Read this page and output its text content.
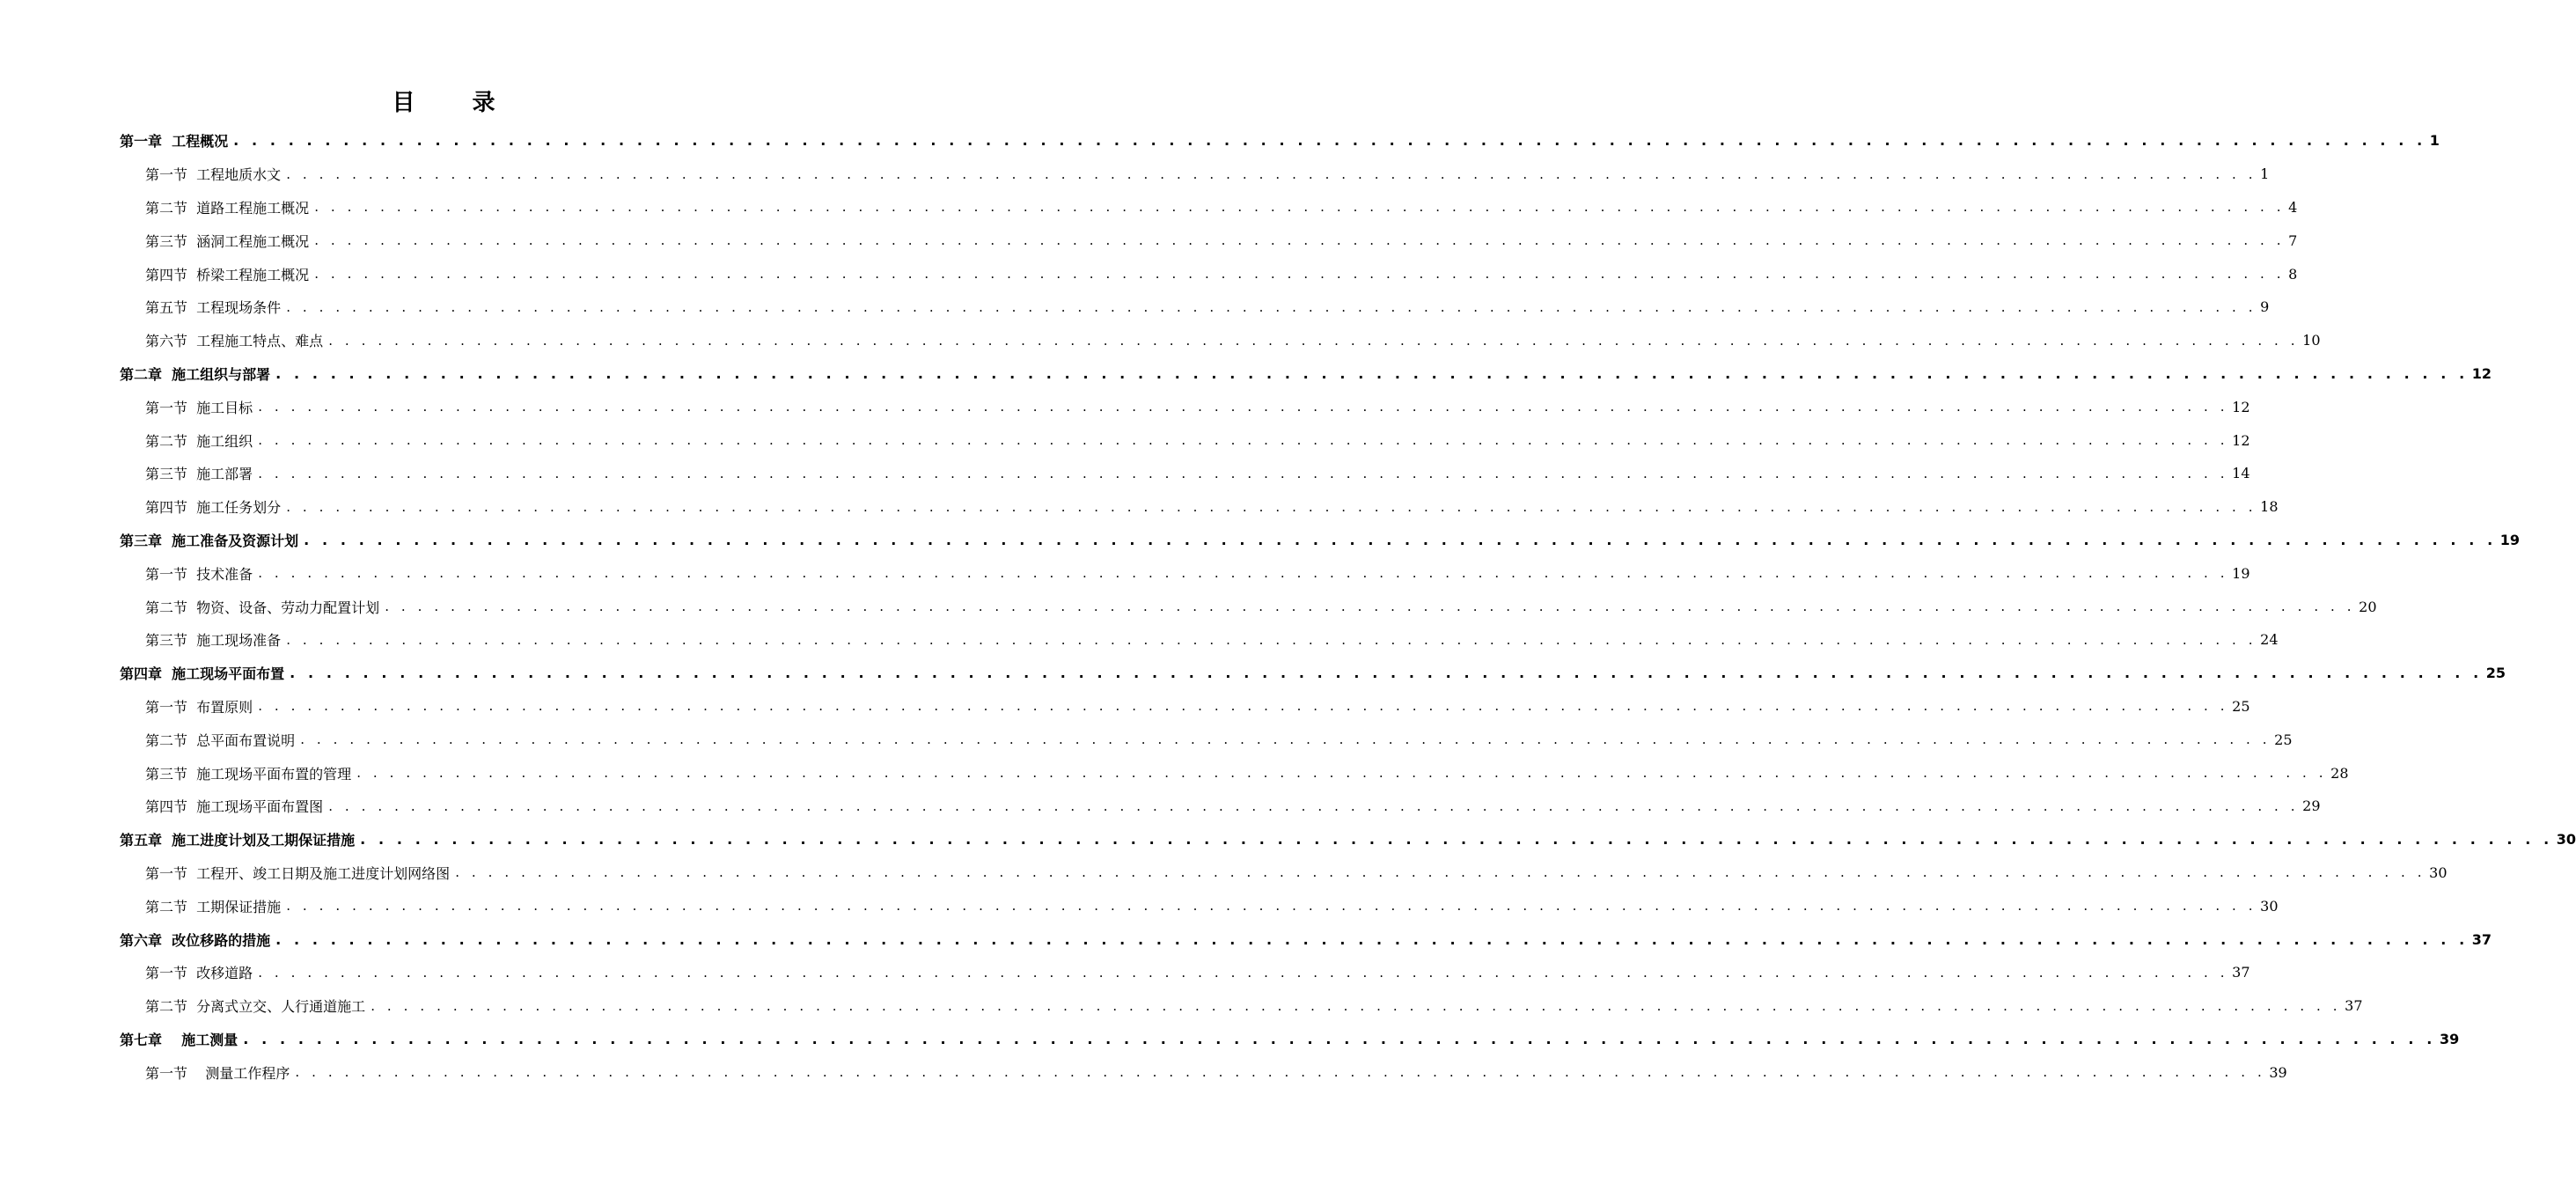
目 录
第一章  工程概况 . . . . . . . . . . . . . . . . . . . . . . . . . . . . . . . . . . . . . . . . . . . . . . . . . . . . . . . . . . . . . . . . . . . . . . . . . . . . . . . . . . . . . . . . . . . . . . . . . . . . . . . . . . . . . . . . . . . . . . . . 1
第一节  工程地质水文 . . . . . . . . . . . . . . . . . . . . . . . . . . . . . . . . . . . . . . . . . . . . . . . . . . . . . . . . . . . . . . . . . . . . . . . . . . . . . . . . . . . . . . . . . . . . . . . . . . . . . . . . . . . . . . . . . . . . . . . . 1
第二节  道路工程施工概况 . . . . . . . . . . . . . . . . . . . . . . . . . . . . . . . . . . . . . . . . . . . . . . . . . . . . . . . . . . . . . . . . . . . . . . . . . . . . . . . . . . . . . . . . . . . . . . . . . . . . . . . . . . . . . . . . . . . . . . . . 4
第三节  涵洞工程施工概况 . . . . . . . . . . . . . . . . . . . . . . . . . . . . . . . . . . . . . . . . . . . . . . . . . . . . . . . . . . . . . . . . . . . . . . . . . . . . . . . . . . . . . . . . . . . . . . . . . . . . . . . . . . . . . . . . . . . . . . . . 7
第四节  桥梁工程施工概况 . . . . . . . . . . . . . . . . . . . . . . . . . . . . . . . . . . . . . . . . . . . . . . . . . . . . . . . . . . . . . . . . . . . . . . . . . . . . . . . . . . . . . . . . . . . . . . . . . . . . . . . . . . . . . . . . . . . . . . . . 8
第五节  工程现场条件 . . . . . . . . . . . . . . . . . . . . . . . . . . . . . . . . . . . . . . . . . . . . . . . . . . . . . . . . . . . . . . . . . . . . . . . . . . . . . . . . . . . . . . . . . . . . . . . . . . . . . . . . . . . . . . . . . . . . . . . . 9
第六节  工程施工特点、难点 . . . . . . . . . . . . . . . . . . . . . . . . . . . . . . . . . . . . . . . . . . . . . . . . . . . . . . . . . . . . . . . . . . . . . . . . . . . . . . . . . . . . . . . . . . . . . . . . . . . . . . . . . . . . . . . . . . . . . . . . 10
第二章  施工组织与部署 . . . . . . . . . . . . . . . . . . . . . . . . . . . . . . . . . . . . . . . . . . . . . . . . . . . . . . . . . . . . . . . . . . . . . . . . . . . . . . . . . . . . . . . . . . . . . . . . . . . . . . . . . . . . . . . . . . . . . . . . 12
第一节  施工目标 . . . . . . . . . . . . . . . . . . . . . . . . . . . . . . . . . . . . . . . . . . . . . . . . . . . . . . . . . . . . . . . . . . . . . . . . . . . . . . . . . . . . . . . . . . . . . . . . . . . . . . . . . . . . . . . . . . . . . . . . 12
第二节  施工组织 . . . . . . . . . . . . . . . . . . . . . . . . . . . . . . . . . . . . . . . . . . . . . . . . . . . . . . . . . . . . . . . . . . . . . . . . . . . . . . . . . . . . . . . . . . . . . . . . . . . . . . . . . . . . . . . . . . . . . . . . 12
第三节  施工部署 . . . . . . . . . . . . . . . . . . . . . . . . . . . . . . . . . . . . . . . . . . . . . . . . . . . . . . . . . . . . . . . . . . . . . . . . . . . . . . . . . . . . . . . . . . . . . . . . . . . . . . . . . . . . . . . . . . . . . . . . 14
第四节  施工任务划分 . . . . . . . . . . . . . . . . . . . . . . . . . . . . . . . . . . . . . . . . . . . . . . . . . . . . . . . . . . . . . . . . . . . . . . . . . . . . . . . . . . . . . . . . . . . . . . . . . . . . . . . . . . . . . . . . . . . . . . . . 18
第三章  施工准备及资源计划 . . . . . . . . . . . . . . . . . . . . . . . . . . . . . . . . . . . . . . . . . . . . . . . . . . . . . . . . . . . . . . . . . . . . . . . . . . . . . . . . . . . . . . . . . . . . . . . . . . . . . . . . . . . . . . . . . . . . . . . . 19
第一节  技术准备 . . . . . . . . . . . . . . . . . . . . . . . . . . . . . . . . . . . . . . . . . . . . . . . . . . . . . . . . . . . . . . . . . . . . . . . . . . . . . . . . . . . . . . . . . . . . . . . . . . . . . . . . . . . . . . . . . . . . . . . . 19
第二节  物资、设备、劳动力配置计划 . . . . . . . . . . . . . . . . . . . . . . . . . . . . . . . . . . . . . . . . . . . . . . . . . . . . . . . . . . . . . . . . . . . . . . . . . . . . . . . . . . . . . . . . . . . . . . . . . . . . . . . . . . . . . . . . . . . . . . . . 20
第三节  施工现场准备 . . . . . . . . . . . . . . . . . . . . . . . . . . . . . . . . . . . . . . . . . . . . . . . . . . . . . . . . . . . . . . . . . . . . . . . . . . . . . . . . . . . . . . . . . . . . . . . . . . . . . . . . . . . . . . . . . . . . . . . . 24
第四章  施工现场平面布置 . . . . . . . . . . . . . . . . . . . . . . . . . . . . . . . . . . . . . . . . . . . . . . . . . . . . . . . . . . . . . . . . . . . . . . . . . . . . . . . . . . . . . . . . . . . . . . . . . . . . . . . . . . . . . . . . . . . . . . . . 25
第一节  布置原则 . . . . . . . . . . . . . . . . . . . . . . . . . . . . . . . . . . . . . . . . . . . . . . . . . . . . . . . . . . . . . . . . . . . . . . . . . . . . . . . . . . . . . . . . . . . . . . . . . . . . . . . . . . . . . . . . . . . . . . . . 25
第二节  总平面布置说明 . . . . . . . . . . . . . . . . . . . . . . . . . . . . . . . . . . . . . . . . . . . . . . . . . . . . . . . . . . . . . . . . . . . . . . . . . . . . . . . . . . . . . . . . . . . . . . . . . . . . . . . . . . . . . . . . . . . . . . . . 25
第三节  施工现场平面布置的管理 . . . . . . . . . . . . . . . . . . . . . . . . . . . . . . . . . . . . . . . . . . . . . . . . . . . . . . . . . . . . . . . . . . . . . . . . . . . . . . . . . . . . . . . . . . . . . . . . . . . . . . . . . . . . . . . . . . . . . . . . 28
第四节  施工现场平面布置图 . . . . . . . . . . . . . . . . . . . . . . . . . . . . . . . . . . . . . . . . . . . . . . . . . . . . . . . . . . . . . . . . . . . . . . . . . . . . . . . . . . . . . . . . . . . . . . . . . . . . . . . . . . . . . . . . . . . . . . . . 29
第五章  施工进度计划及工期保证措施 . . . . . . . . . . . . . . . . . . . . . . . . . . . . . . . . . . . . . . . . . . . . . . . . . . . . . . . . . . . . . . . . . . . . . . . . . . . . . . . . . . . . . . . . . . . . . . . . . . . . . . . . . . . . . . . . . . . . . . . . 30
第一节  工程开、竣工日期及施工进度计划网络图 . . . . . . . . . . . . . . . . . . . . . . . . . . . . . . . . . . . . . . . . . . . . . . . . . . . . . . . . . . . . . . . . . . . . . . . . . . . . . . . . . . . . . . . . . . . . . . . . . . . . . . . . . . . . . . . . . . . . . . . . 30
第二节  工期保证措施 . . . . . . . . . . . . . . . . . . . . . . . . . . . . . . . . . . . . . . . . . . . . . . . . . . . . . . . . . . . . . . . . . . . . . . . . . . . . . . . . . . . . . . . . . . . . . . . . . . . . . . . . . . . . . . . . . . . . . . . . 30
第六章  改位移路的措施 . . . . . . . . . . . . . . . . . . . . . . . . . . . . . . . . . . . . . . . . . . . . . . . . . . . . . . . . . . . . . . . . . . . . . . . . . . . . . . . . . . . . . . . . . . . . . . . . . . . . . . . . . . . . . . . . . . . . . . . . 37
第一节  改移道路 . . . . . . . . . . . . . . . . . . . . . . . . . . . . . . . . . . . . . . . . . . . . . . . . . . . . . . . . . . . . . . . . . . . . . . . . . . . . . . . . . . . . . . . . . . . . . . . . . . . . . . . . . . . . . . . . . . . . . . . . 37
第二节  分离式立交、人行通道施工 . . . . . . . . . . . . . . . . . . . . . . . . . . . . . . . . . . . . . . . . . . . . . . . . . . . . . . . . . . . . . . . . . . . . . . . . . . . . . . . . . . . . . . . . . . . . . . . . . . . . . . . . . . . . . . . . . . . . . . . . 37
第七章    施工测量 . . . . . . . . . . . . . . . . . . . . . . . . . . . . . . . . . . . . . . . . . . . . . . . . . . . . . . . . . . . . . . . . . . . . . . . . . . . . . . . . . . . . . . . . . . . . . . . . . . . . . . . . . . . . . . . . . . . . . . . . 39
第一节    测量工作程序 . . . . . . . . . . . . . . . . . . . . . . . . . . . . . . . . . . . . . . . . . . . . . . . . . . . . . . . . . . . . . . . . . . . . . . . . . . . . . . . . . . . . . . . . . . . . . . . . . . . . . . . . . . . . . . . . . . . . . . . . 39
